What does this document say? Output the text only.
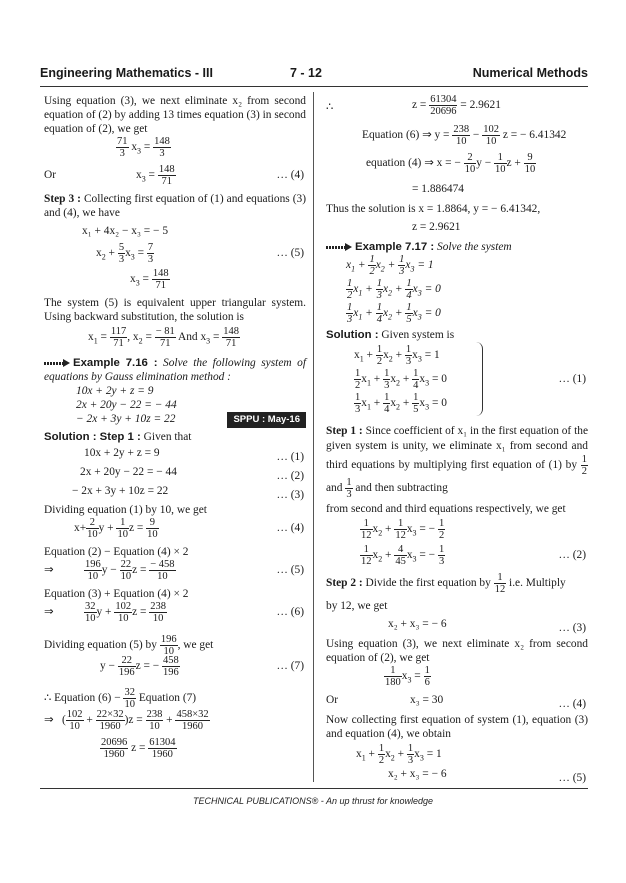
Engineering Mathematics - III	7 - 12	Numerical Methods

Using equation (3), we next eliminate x₂ from second equation of (2) by adding 13 times equation (3) in second equation of (2), we get

$\frac{71}{3} x_3 = \frac{148}{3}$
Or	$x_3 = \frac{148}{71}$	… (4)

Step 3 : Collecting first equation of (1) and equations (3) and (4), we have

x₁ + 4x₂ − x₃ = − 5
$x_2 + \frac{5}{3} x_3 = \frac{7}{3}$	… (5)
$x_3 = \frac{148}{71}$

The system (5) is equivalent upper triangular system. Using backward substitution, the solution is

$x_1 = \frac{117}{71}$ , $x_2 = \frac{- 81}{71}$ And $x_3 = \frac{148}{71}$

Example 7.16 : Solve the following system of equations by Gauss elimination method :

10x + 2y + z = 9
2x + 20y − 22 = − 44
− 2x + 3y + 10z = 22	SPPU : May-16

Solution : Step 1 : Given that

10x + 2y + z = 9	… (1)
2x + 20y − 22 = − 44	… (2)
− 2x + 3y + 10z = 22	… (3)

Dividing equation (1) by 10, we get

$x+ \frac{2}{10}$ $y + \frac{1}{10}$ $z = \frac{9}{10}$	… (4)

Equation (2) − Equation (4) × 2

⇒	$\frac{196}{10}$ $y - \frac{22}{10}$ $z = \frac{- 458}{10}$	… (5)

Equation (3) + Equation (4) × 2

⇒	$\frac{32}{10}$ $y + \frac{102}{10}$ $z = \frac{238}{10}$	… (6)
Dividing equation (5) by $\frac{196}{10}$ , we get
$y - \frac{22}{196}$ z = − $\frac{458}{196}$	… (7)
∴ Equation $(6) - \frac{32}{10}$ Equation (7)
⇒ ( $\frac{102}{10} + \frac{22\times 32}{1960} )z = \frac{238}{10} + \frac{458\times 32}{1960}$
$\frac{20696}{1960}$ $z = \frac{61304}{1960}$
∴	$z = \frac{61304}{20696} = 2.9621$
Equation (6) ⇒ $y = \frac{238}{10} - \frac{102}{10}$ z = − 6.41342
equation (4) ⇒ x = − $\frac{2}{10}$ $y - \frac{1}{10}$ $z + \frac{9}{10}$
= 1.886474

Thus the solution is x = 1.8864, y = − 6.41342,

z = 2.9621

Example 7.17 : Solve the system

$x_1 + \frac{1}{2} x_2 + \frac{1}{3} x_3 = 1$
$\frac{1}{2} x_1 + \frac{1}{3} x_2 + \frac{1}{4} x_3 = 0$
$\frac{1}{3} x_1 + \frac{1}{4} x_2 + \frac{1}{5} x_3 = 0$

Solution : Given system is

$x_1 + \frac{1}{2} x_2 + \frac{1}{3} x_3 = 1$
$\frac{1}{2} x_1 + \frac{1}{3} x_2 + \frac{1}{4} x_3 = 0$
$\frac{1}{3} x_1 + \frac{1}{4} x_2 + \frac{1}{5} x_3 = 0$
… (1)

Step 1 : Since coefficient of x₁ in the first equation of the given system is unity, we eliminate x₁ from second and third equations by multiplying first equation of (1) by $\frac{1}{2}$
and $\frac{1}{3}$ and then subtracting

from second and third equations respectively, we get

$\frac{1}{12} x_2 + \frac{1}{12} x_3$ = − $\frac{1}{2}$
$\frac{1}{12} x_2 + \frac{4}{45} x_3$ = − $\frac{1}{3}$	… (2)

Step 2 : Divide the first equation by $\frac{1}{12} i.e$. Multiply

by 12, we get

x₂ + x₃ = − 6	… (3)

Using equation (3), we next eliminate x₂ from second equation of (2), we get

$\frac{1}{180} x_3 = \frac{1}{6}$
Or	x₃ = 30	… (4)

Now collecting first equation of system (1), equation (3) and equation (4), we obtain

$x_1 + \frac{1}{2} x_2 + \frac{1}{3} x_3 = 1$
x₂ + x₃ = − 6	… (5)
TECHNICAL PUBLICATIONS® - An up thrust for knowledge
